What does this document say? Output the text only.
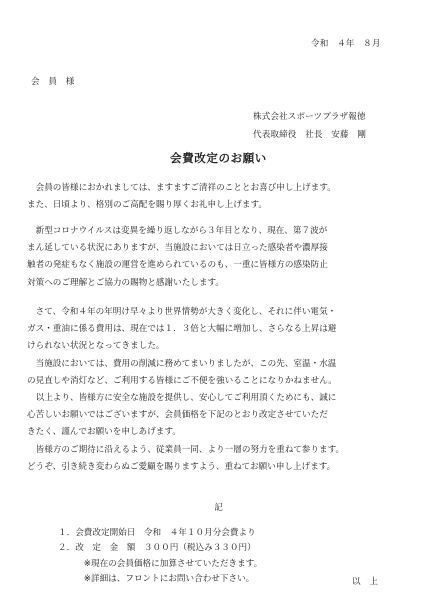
令和　４年　８月
会　員　様
株式会社スポーツプラザ報徳
代表取締役　社長　安藤　剛
会費改定のお願い
　会員の皆様におかれましては、ますますご清祥のこととお喜び申し上げます。
また、日頃より、格別のご高配を賜り厚くお礼申し上げます。
　新型コロナウイルスは変異を繰り返しながら３年目となり、現在、第７波が
まん延している状況にありますが、当施設においては日立った感染者や濃厚接
触者の発症もなく施設の運営を進められているのも、一重に皆様方の感染防止
対策へのご理解とご協力の賜物と感謝いたします。
　さて、令和４年の年明け早々より世界情勢が大きく変化し、それに伴い電気・
ガス・重油に係る費用は、現在では１．３倍と大幅に増加し、さらなる上昇は避
けられない状況となってきました。
　当施設においては、費用の削減に務めてまいりましたが、この先、室温・水温
の見直しや消灯など、ご利用する皆様にご不便を強いることになりかねません。
　以上より、皆様方に安全な施設を提供し、安心してご利用頂くためにも、誠に
心苦しいお願いではございますが、会員価格を下記のとおり改定させていただ
きたく、謹んでお願いを申しあげます。
　皆様方のご期待に沿えるよう、従業員一同、より一層の努力を重ねて参ります。
どうぞ、引き続き変わらぬご愛顧を賜りますよう、重ねてお願い申し上げます。
記
１．会費改定開始日　令和　４年１０月分会費より
２．改　定　金　額　３００円（税込み３３０円）
　　　※現在の会員価格に加算させていただきます。
　　　※詳細は、フロントにお問い合わせ下さい。	以　上
